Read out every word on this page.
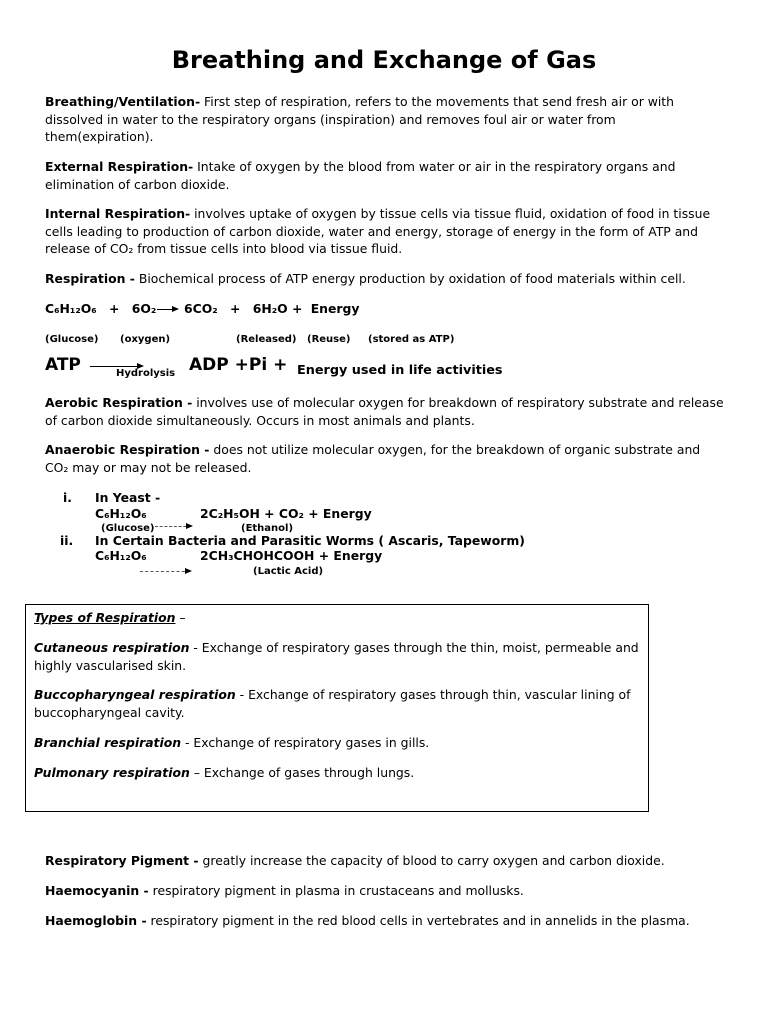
Breathing and Exchange of Gas
Breathing/Ventilation- First step of respiration, refers to the movements that send fresh air or with dissolved in water to the respiratory organs (inspiration) and removes foul air or water from them(expiration).
External Respiration- Intake of oxygen by the blood from water or air in the respiratory organs and elimination of carbon dioxide.
Internal Respiration- involves uptake of oxygen by tissue cells via tissue fluid, oxidation of food in tissue cells leading to production of carbon dioxide, water and energy, storage of energy in the form of ATP and release of CO₂ from tissue cells into blood via tissue fluid.
Respiration - Biochemical process of ATP energy production by oxidation of food materials within cell.
C₆H₁₂O₆ + 6O₂ → 6CO₂ + 6H₂O + Energy
(Glucose) (oxygen)	(Released) (Reuse) (stored as ATP)
ATP	Hydrolysis ADP +Pi + Energy used in life activities
Aerobic Respiration - involves use of molecular oxygen for breakdown of respiratory substrate and release of carbon dioxide simultaneously. Occurs in most animals and plants.
Anaerobic Respiration - does not utilize molecular oxygen, for the breakdown of organic substrate and CO₂ may or may not be released.
i. In Yeast -
C₆H₁₂O₆	2C₂H₅OH + CO₂ + Energy
(Glucose) →	(Ethanol)
ii. In Certain Bacteria and Parasitic Worms ( Ascaris, Tapeworm)
C₆H₁₂O₆	2CH₃CHOHCOOH + Energy
(Lactic Acid)
Types of Respiration –
Cutaneous respiration - Exchange of respiratory gases through the thin, moist, permeable and highly vascularised skin.
Buccopharyngeal respiration - Exchange of respiratory gases through thin, vascular lining of buccopharyngeal cavity.
Branchial respiration - Exchange of respiratory gases in gills.
Pulmonary respiration – Exchange of gases through lungs.
Respiratory Pigment - greatly increase the capacity of blood to carry oxygen and carbon dioxide.
Haemocyanin - respiratory pigment in plasma in crustaceans and mollusks.
Haemoglobin - respiratory pigment in the red blood cells in vertebrates and in annelids in the plasma.
